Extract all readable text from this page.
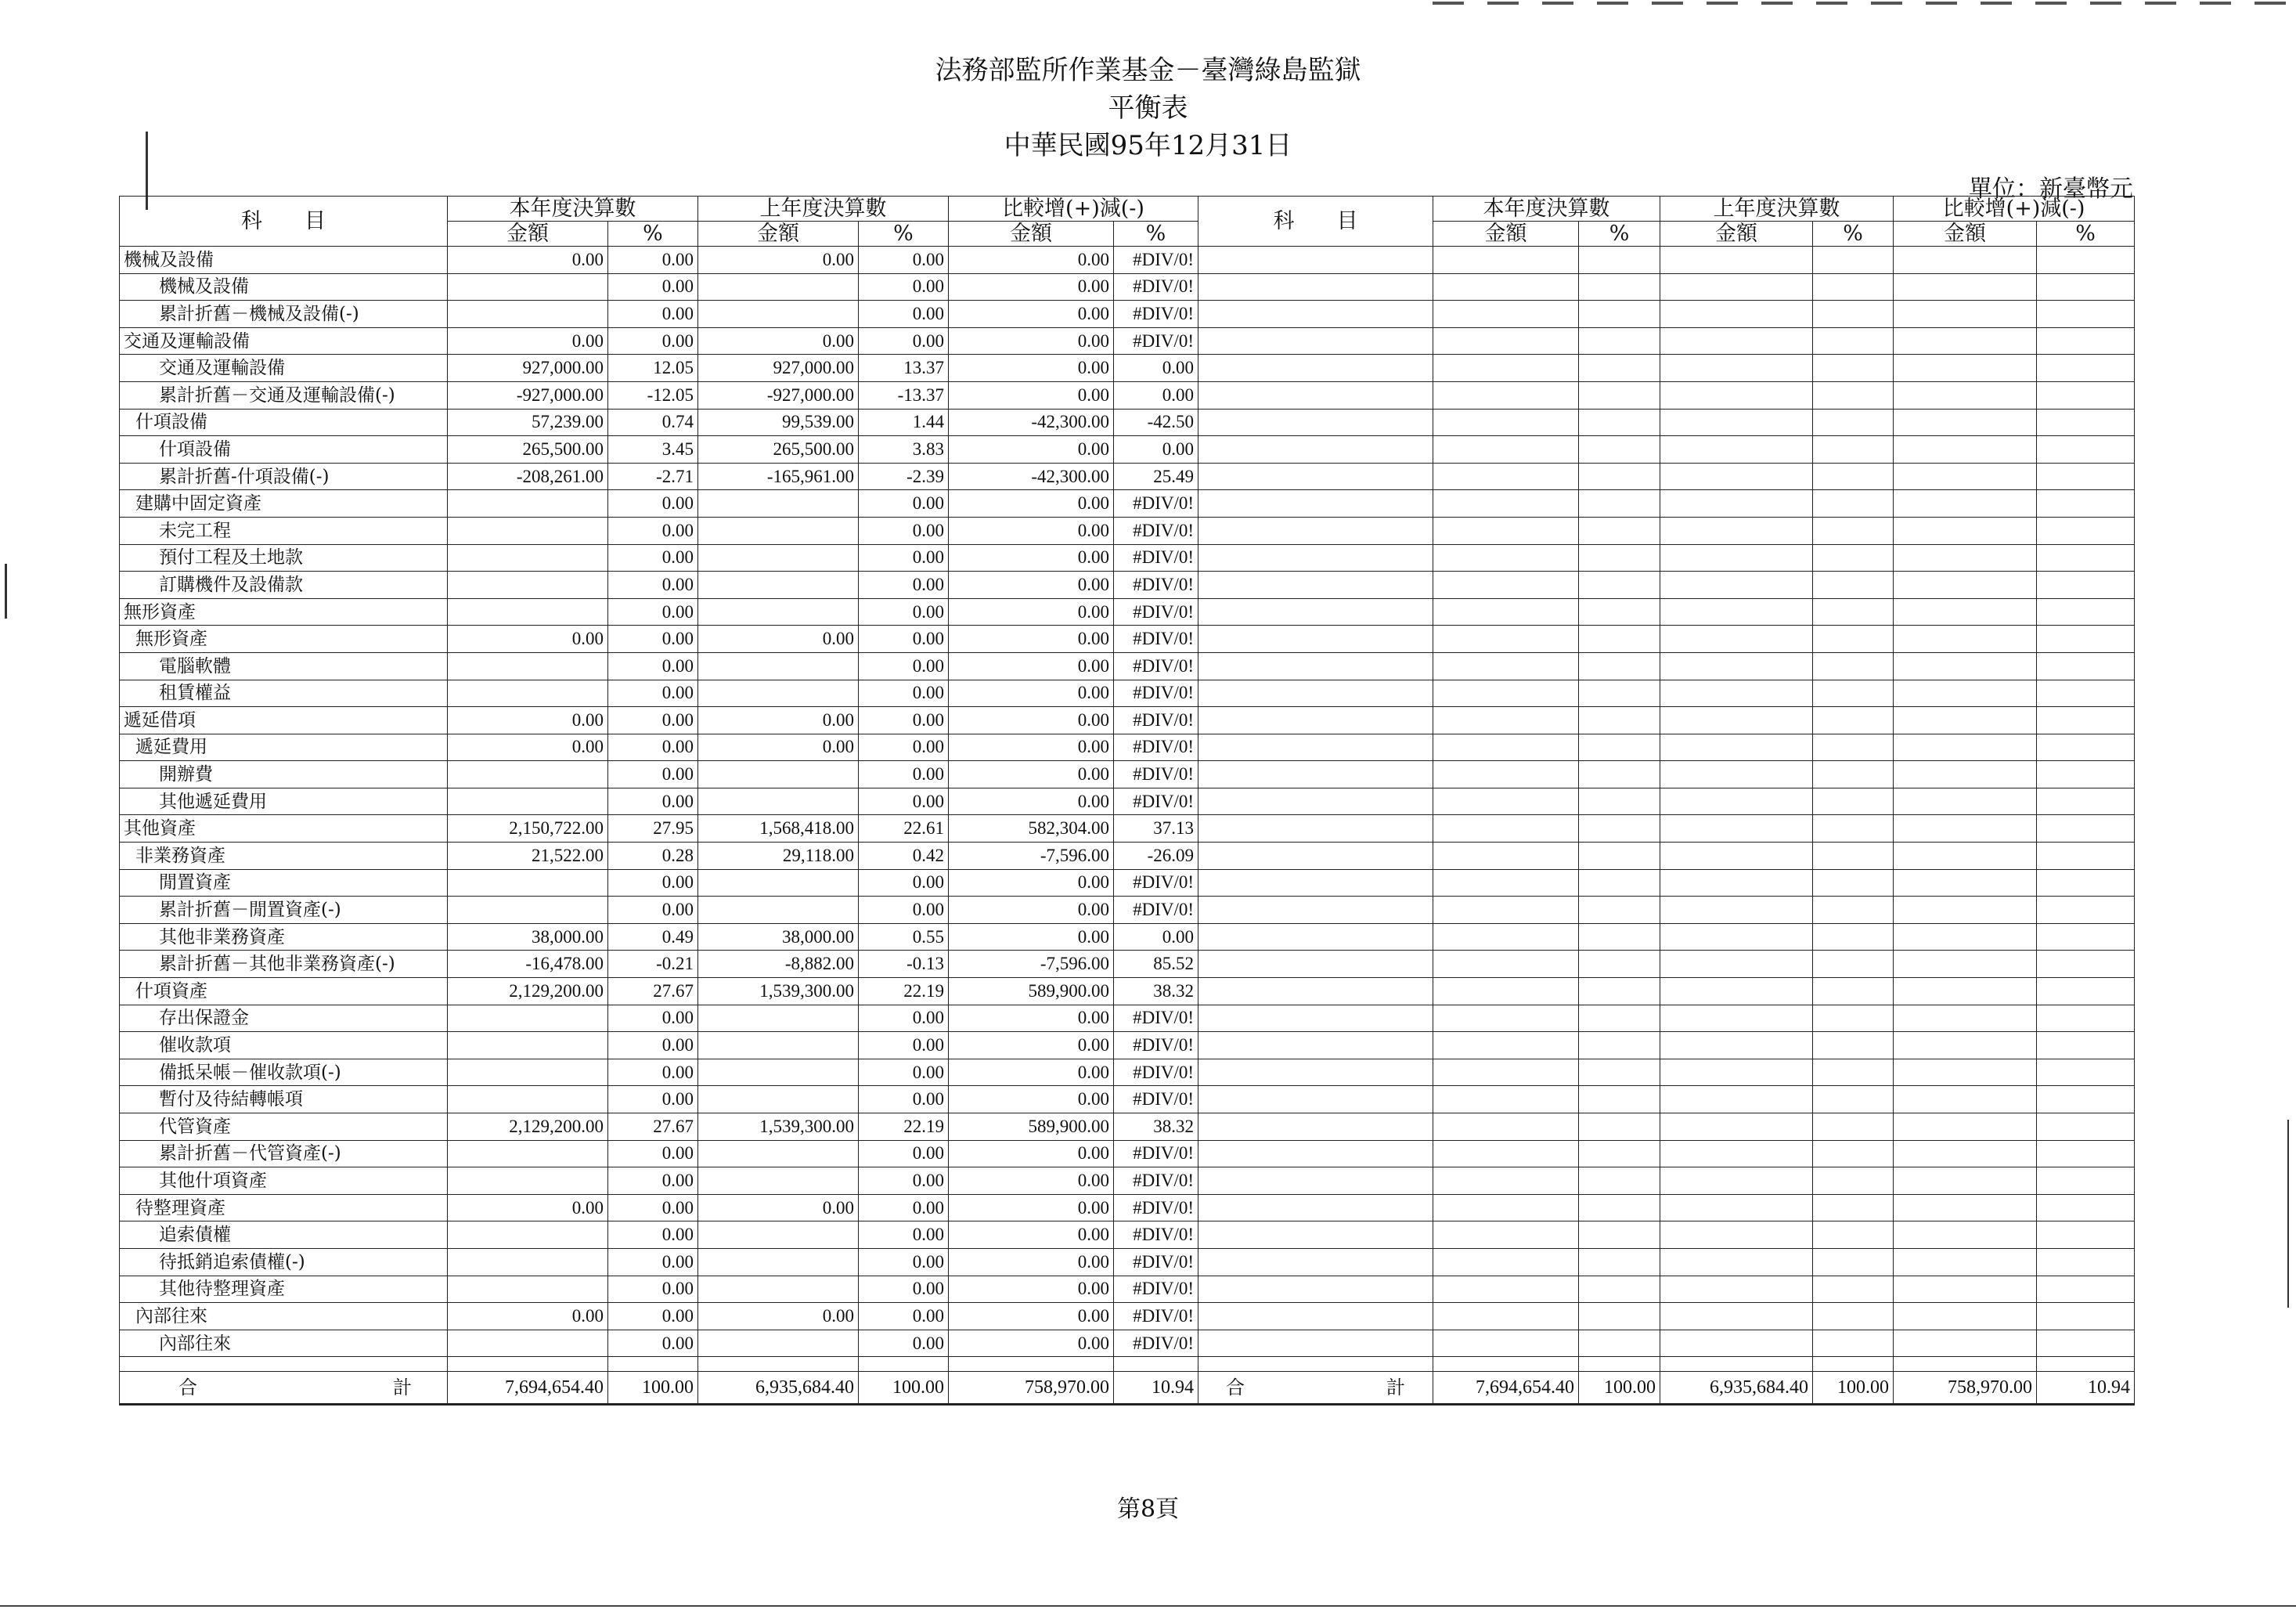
法務部監所作業基金－臺灣綠島監獄
平衡表
中華民國95年12月31日
單位：新臺幣元
科　　目	本年度決算數		上年度決算數		比較增(+)減(-)		科　　目	本年度決算數		上年度決算數		比較增(+)減(-)	
	金額	%	金額	%	金額	%		金額	%	金額	%	金額	%
機械及設備	0.00	0.00	0.00	0.00	0.00	#DIV/0!							
機械及設備		0.00		0.00	0.00	#DIV/0!							
累計折舊－機械及設備(-)		0.00		0.00	0.00	#DIV/0!							
交通及運輸設備	0.00	0.00	0.00	0.00	0.00	#DIV/0!							
交通及運輸設備	927,000.00	12.05	927,000.00	13.37	0.00	0.00							
累計折舊－交通及運輸設備(-)	-927,000.00	-12.05	-927,000.00	-13.37	0.00	0.00							
什項設備	57,239.00	0.74	99,539.00	1.44	-42,300.00	-42.50							
什項設備	265,500.00	3.45	265,500.00	3.83	0.00	0.00							
累計折舊-什項設備(-)	-208,261.00	-2.71	-165,961.00	-2.39	-42,300.00	25.49							
建購中固定資產		0.00		0.00	0.00	#DIV/0!							
未完工程		0.00		0.00	0.00	#DIV/0!							
預付工程及土地款		0.00		0.00	0.00	#DIV/0!							
訂購機件及設備款		0.00		0.00	0.00	#DIV/0!							
無形資產		0.00		0.00	0.00	#DIV/0!							
無形資產	0.00	0.00	0.00	0.00	0.00	#DIV/0!							
電腦軟體		0.00		0.00	0.00	#DIV/0!							
租賃權益		0.00		0.00	0.00	#DIV/0!							
遞延借項	0.00	0.00	0.00	0.00	0.00	#DIV/0!							
遞延費用	0.00	0.00	0.00	0.00	0.00	#DIV/0!							
開辦費		0.00		0.00	0.00	#DIV/0!							
其他遞延費用		0.00		0.00	0.00	#DIV/0!							
其他資產	2,150,722.00	27.95	1,568,418.00	22.61	582,304.00	37.13							
非業務資產	21,522.00	0.28	29,118.00	0.42	-7,596.00	-26.09							
閒置資產		0.00		0.00	0.00	#DIV/0!							
累計折舊－閒置資產(-)		0.00		0.00	0.00	#DIV/0!							
其他非業務資產	38,000.00	0.49	38,000.00	0.55	0.00	0.00							
累計折舊－其他非業務資產(-)	-16,478.00	-0.21	-8,882.00	-0.13	-7,596.00	85.52							
什項資產	2,129,200.00	27.67	1,539,300.00	22.19	589,900.00	38.32							
存出保證金		0.00		0.00	0.00	#DIV/0!							
催收款項		0.00		0.00	0.00	#DIV/0!							
備抵呆帳－催收款項(-)		0.00		0.00	0.00	#DIV/0!							
暫付及待結轉帳項		0.00		0.00	0.00	#DIV/0!							
代管資產	2,129,200.00	27.67	1,539,300.00	22.19	589,900.00	38.32							
累計折舊－代管資產(-)		0.00		0.00	0.00	#DIV/0!							
其他什項資產		0.00		0.00	0.00	#DIV/0!							
待整理資產	0.00	0.00	0.00	0.00	0.00	#DIV/0!							
追索債權		0.00		0.00	0.00	#DIV/0!							
待抵銷追索債權(-)		0.00		0.00	0.00	#DIV/0!							
其他待整理資產		0.00		0.00	0.00	#DIV/0!							
內部往來	0.00	0.00	0.00	0.00	0.00	#DIV/0!							
內部往來		0.00		0.00	0.00	#DIV/0!							

合 計	7,694,654.40	100.00	6,935,684.40	100.00	758,970.00	10.94	合 計	7,694,654.40	100.00	6,935,684.40	100.00	758,970.00	10.94
第8頁
